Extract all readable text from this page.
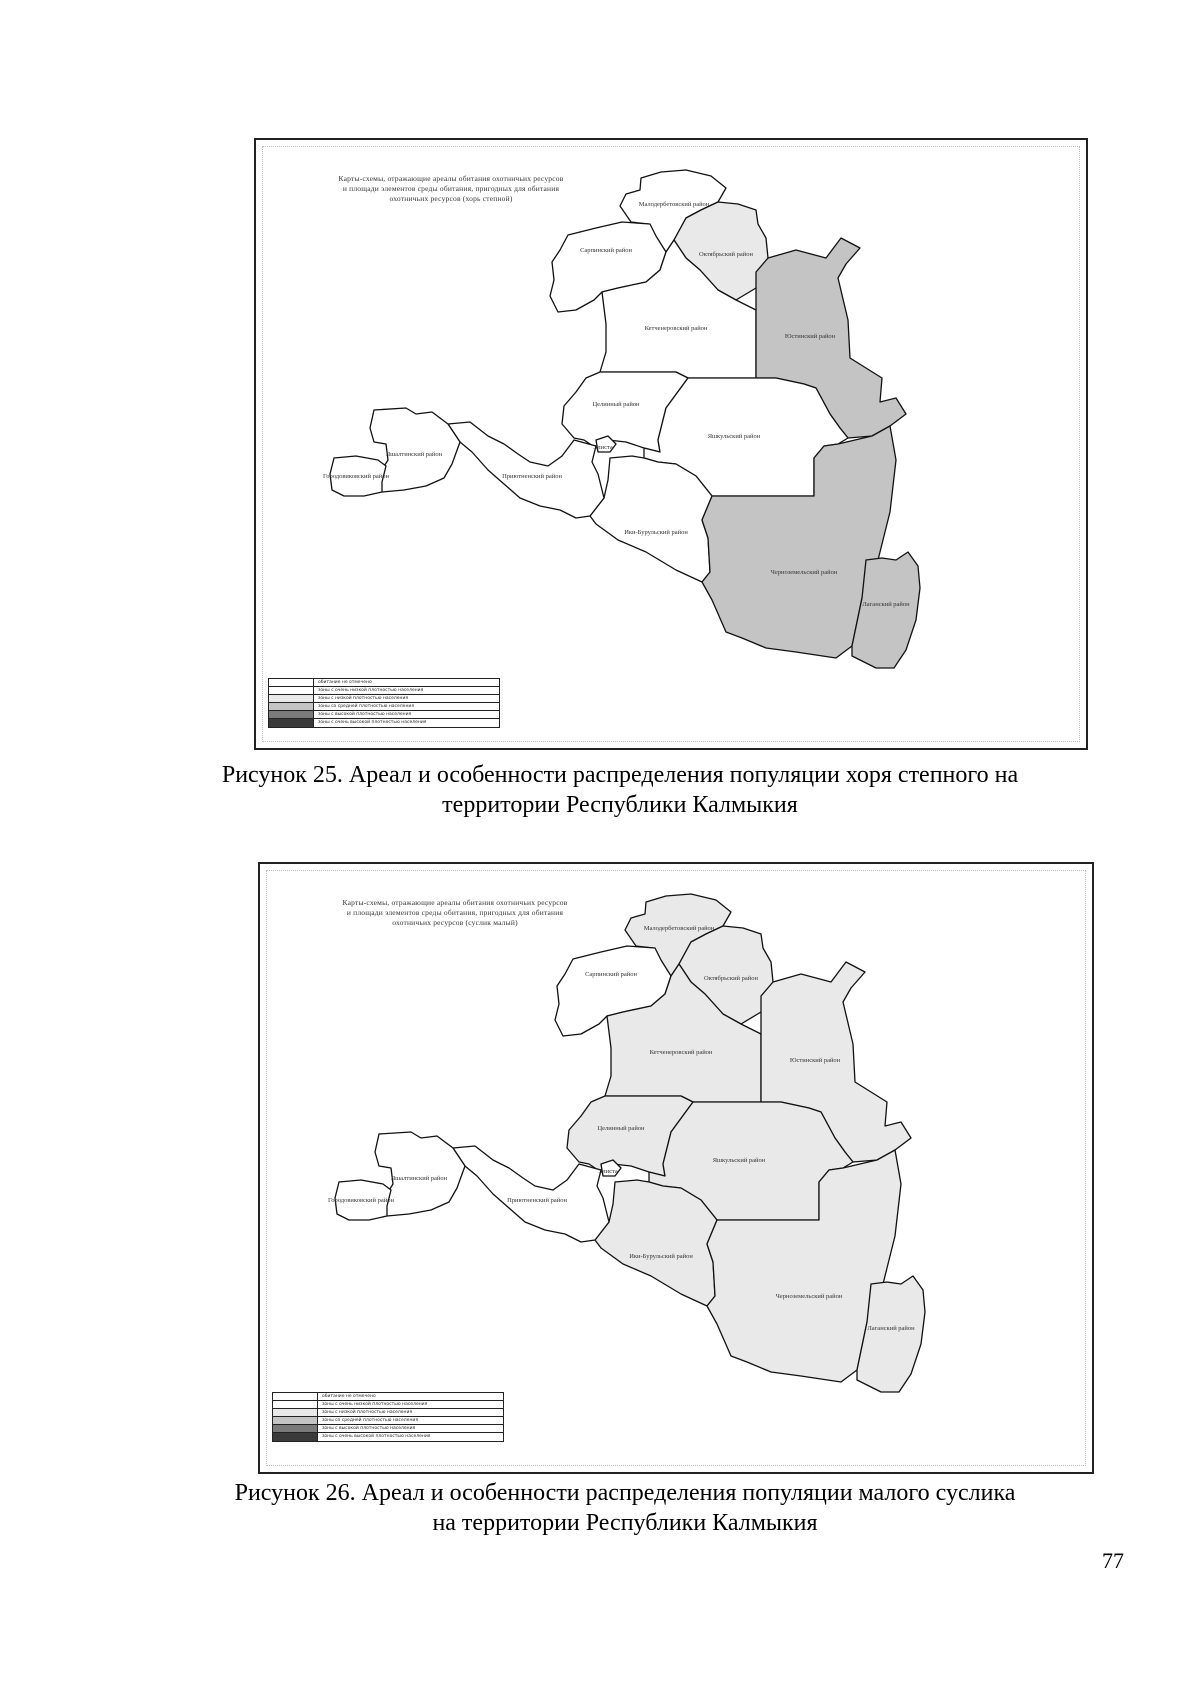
Карты-схемы, отражающие ареалы обитания охотничьих ресурсов
и площади элементов среды обитания, пригодных для обитания
охотничьих ресурсов (хорь степной)
Малодербетовский район
Сарпинский район
Октябрьский район
Кетченеровский район
Юстинский район
Целинный район
Яшкульский район
Элиста
Ики-Бурульский район
Приютненский район
Яшалтинский район
Городовиковский район
Черноземельский район
Лаганский район
обитание не отмечено
зоны с очень низкой плотностью населения
зоны с низкой плотностью населения
зоны со средней плотностью населения
зоны с высокой плотностью населения
зоны с очень высокой плотностью населения
Рисунок 25. Ареал и особенности распределения популяции хоря степного на
территории Республики Калмыкия
Карты-схемы, отражающие ареалы обитания охотничьих ресурсов
и площади элементов среды обитания, пригодных для обитания
охотничьих ресурсов (суслик малый)
Малодербетовский район
Сарпинский район
Октябрьский район
Кетченеровский район
Юстинский район
Целинный район
Яшкульский район
Элиста
Ики-Бурульский район
Приютненский район
Яшалтинский район
Городовиковский район
Черноземельский район
Лаганский район
обитание не отмечено
зоны с очень низкой плотностью населения
зоны с низкой плотностью населения
зоны со средней плотностью населения
зоны с высокой плотностью населения
зоны с очень высокой плотностью населения
Рисунок 26. Ареал и особенности распределения популяции малого суслика
на территории Республики Калмыкия
77
